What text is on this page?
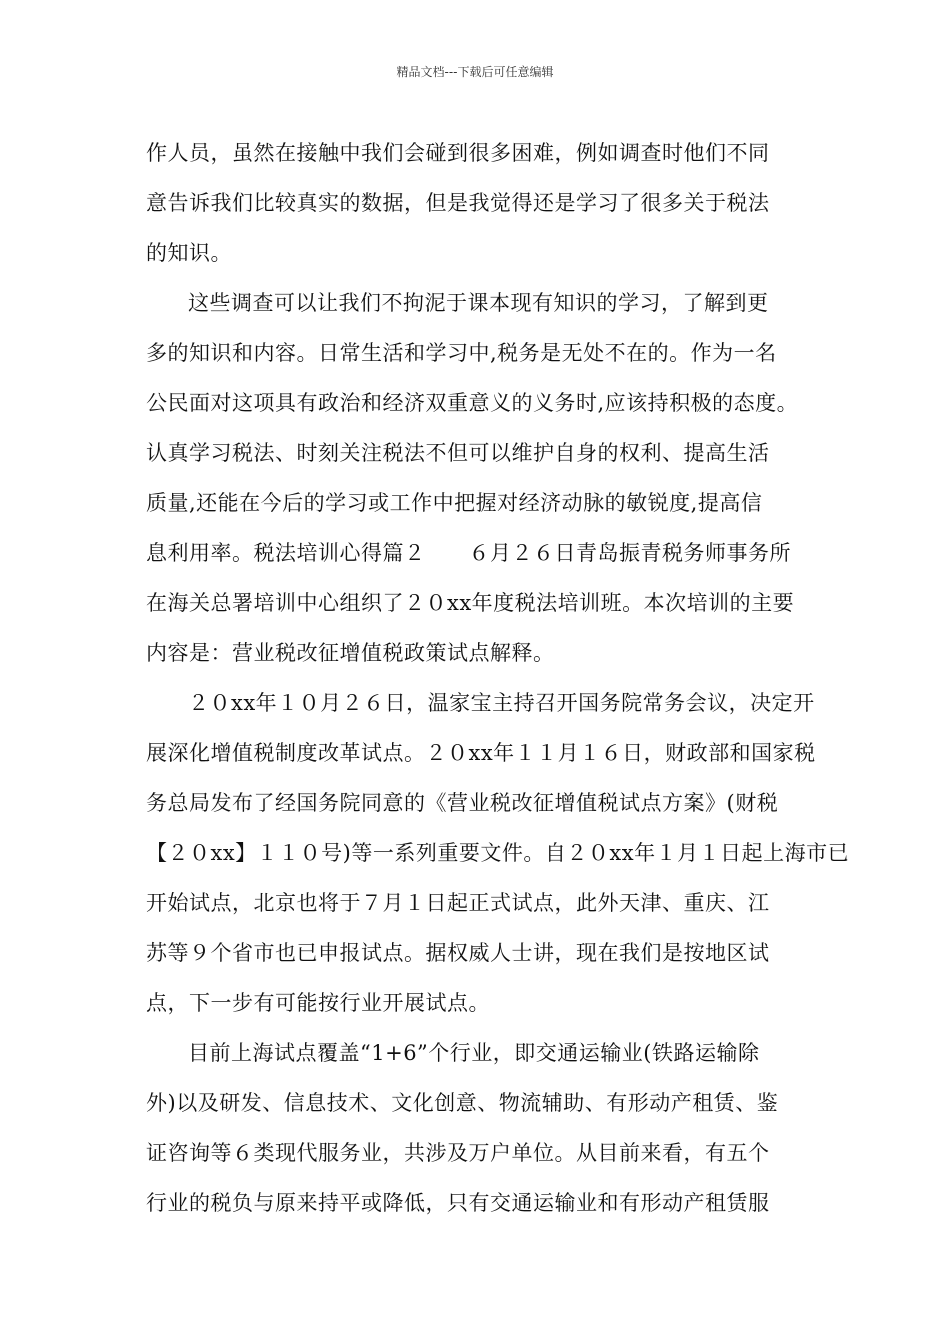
精品文档---下载后可任意编辑
作人员，虽然在接触中我们会碰到很多困难，例如调查时他们不同
意告诉我们比较真实的数据，但是我觉得还是学习了很多关于税法
的知识。
这些调查可以让我们不拘泥于课本现有知识的学习，了解到更
多的知识和内容。日常生活和学习中,税务是无处不在的。作为一名
公民面对这项具有政治和经济双重意义的义务时,应该持积极的态度。
认真学习税法、时刻关注税法不但可以维护自身的权利、提高生活
质量,还能在今后的学习或工作中把握对经济动脉的敏锐度,提高信
息利用率。税法培训心得篇２　　６月２６日青岛振青税务师事务所
在海关总署培训中心组织了２０xx年度税法培训班。本次培训的主要
内容是：营业税改征增值税政策试点解释。
２０xx年１０月２６日，温家宝主持召开国务院常务会议，决定开
展深化增值税制度改革试点。２０xx年１１月１６日，财政部和国家税
务总局发布了经国务院同意的《营业税改征增值税试点方案》(财税
【２０xx】１１０号)等一系列重要文件。自２０xx年１月１日起上海市已
开始试点，北京也将于７月１日起正式试点，此外天津、重庆、江
苏等９个省市也已申报试点。据权威人士讲，现在我们是按地区试
点，下一步有可能按行业开展试点。
目前上海试点覆盖“1+6”个行业，即交通运输业(铁路运输除
外)以及研发、信息技术、文化创意、物流辅助、有形动产租赁、鉴
证咨询等６类现代服务业，共涉及万户单位。从目前来看，有五个
行业的税负与原来持平或降低，只有交通运输业和有形动产租赁服
